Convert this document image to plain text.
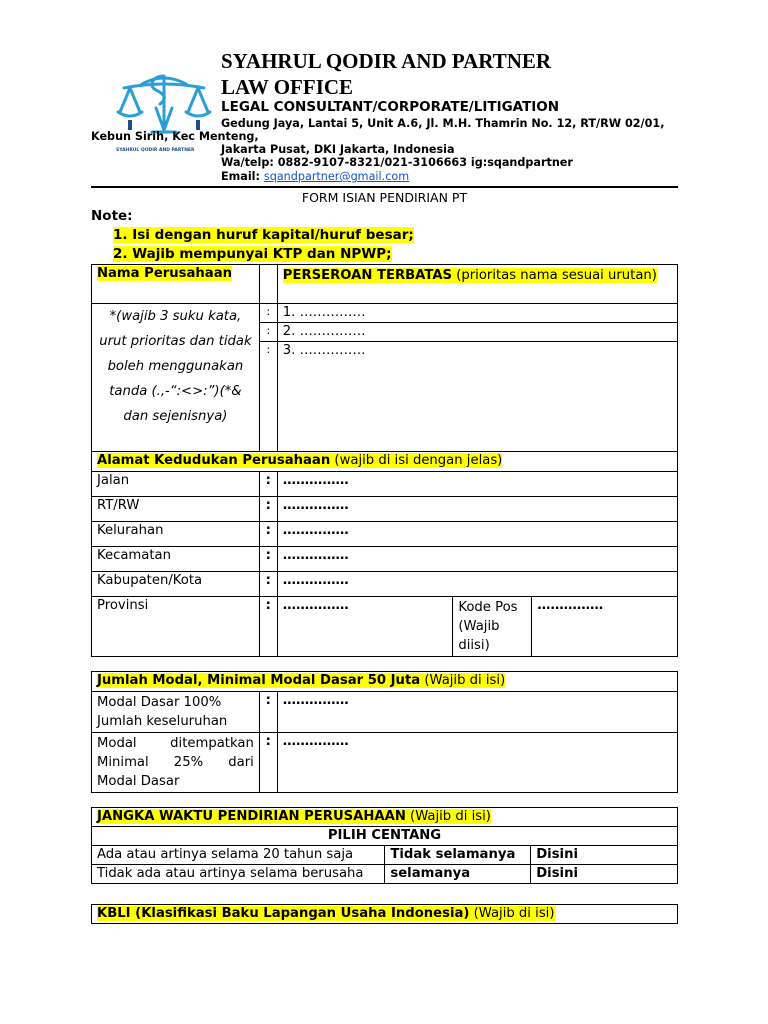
SYAHRUL QODIR AND PARTNER
SYAHRUL QODIR AND PARTNER
LAW OFFICE
LEGAL CONSULTANT/CORPORATE/LITIGATION
Gedung Jaya, Lantai 5, Unit A.6, Jl. M.H. Thamrin No. 12, RT/RW 02/01,
Kebun Sirih, Kec Menteng,
Jakarta Pusat, DKI Jakarta, Indonesia
Wa/telp: 0882-9107-8321/021-3106663 ig:sqandpartner
Email: sqandpartner@gmail.com
FORM ISIAN PENDIRIAN PT
Note:
1. Isi dengan huruf kapital/huruf besar;
2. Wajib mempunyai KTP dan NPWP;
Nama Perusahaan		PERSEROAN TERBATAS (prioritas nama sesuai urutan)
*(wajib 3 suku kata, urut prioritas dan tidak boleh menggunakan tanda (.,-“:<>:”)(*& dan sejenisnya)	:	1. ……………
	:	2. ……………
	:	3. ……………
Alamat Kedudukan Perusahaan (wajib di isi dengan jelas)				
Jalan	:	……………		
RT/RW	:	……………		
Kelurahan	:	……………		
Kecamatan	:	……………		
Kabupaten/Kota	:	……………		
Provinsi	:	……………	Kode Pos (Wajib diisi)	……………
Jumlah Modal, Minimal Modal Dasar 50 Juta (Wajib di isi)		
Modal Dasar 100% Jumlah keseluruhan	:	……………
Modal ditempatkan Minimal 25% dari Modal Dasar	:	……………
JANGKA WAKTU PENDIRIAN PERUSAHAAN (Wajib di isi)		
PILIH CENTANG		
Ada atau artinya selama 20 tahun saja	Tidak selamanya	Disini
Tidak ada atau artinya selama berusaha	selamanya	Disini
KBLI (Klasifikasi Baku Lapangan Usaha Indonesia) (Wajib di isi)
